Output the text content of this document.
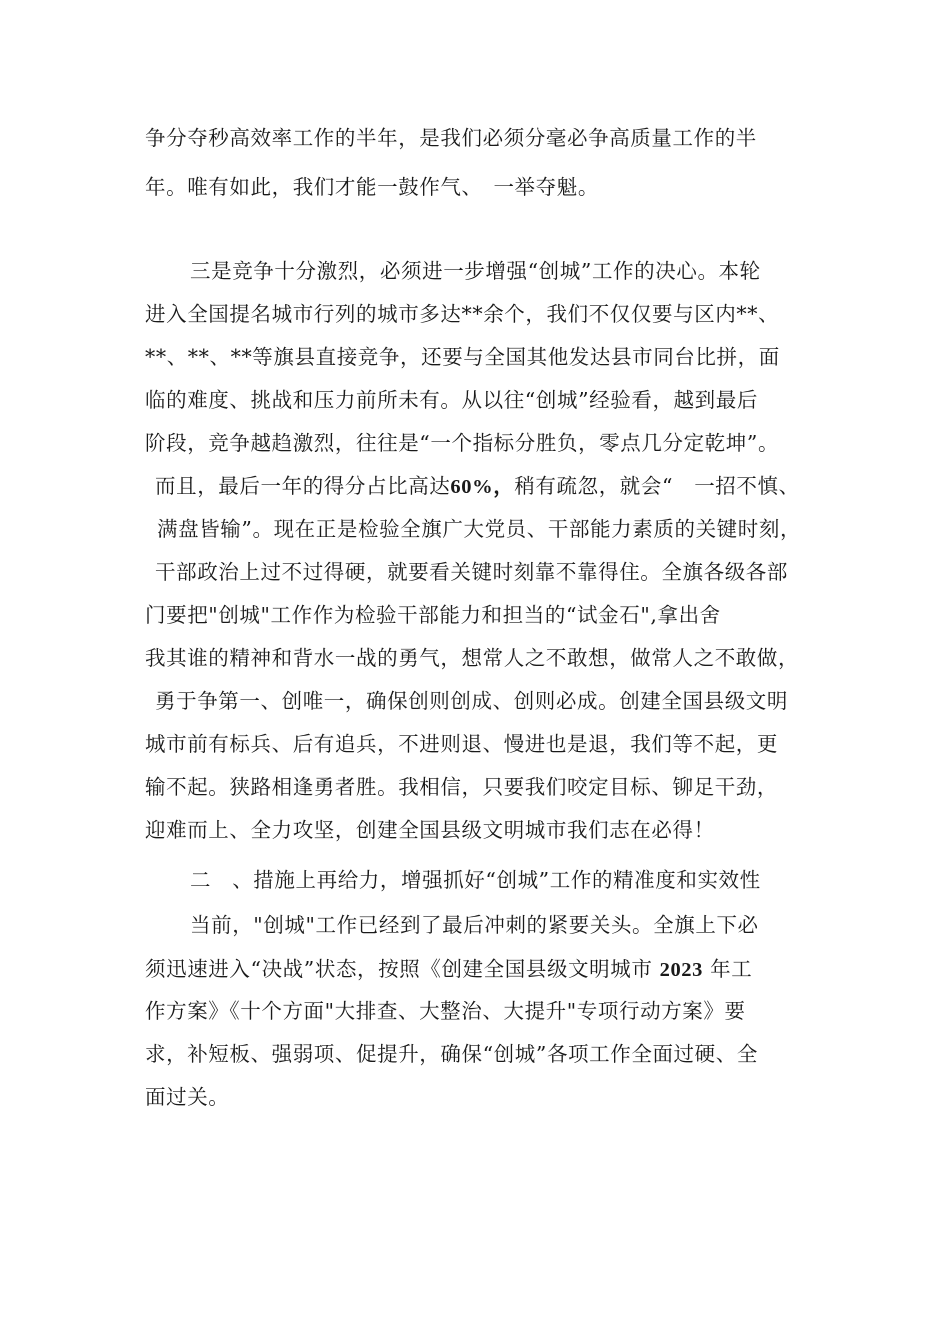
争分夺秒高效率工作的半年，是我们必须分毫必争高质量工作的半
年。唯有如此，我们才能一鼓作气、　一举夺魁。
三是竞争十分激烈，必须进一步增强“创城”工作的决心。本轮
进入全国提名城市行列的城市多达**余个，我们不仅仅要与区内**、
**、**、**等旗县直接竞争，还要与全国其他发达县市同台比拼，面
临的难度、挑战和压力前所未有。从以往“创城”经验看，越到最后
阶段，竞争越趋激烈，往往是“一个指标分胜负，零点几分定乾坤”。
而且，最后一年的得分占比高达60%，稍有疏忽，就会“　一招不慎、
满盘皆输”。现在正是检验全旗广大党员、干部能力素质的关键时刻，
干部政治上过不过得硬，就要看关键时刻靠不靠得住。全旗各级各部
门要把"创城"工作作为检验干部能力和担当的“试金石",拿出舍
我其谁的精神和背水一战的勇气，想常人之不敢想，做常人之不敢做，
勇于争第一、创唯一，确保创则创成、创则必成。创建全国县级文明
城市前有标兵、后有追兵，不进则退、慢进也是退，我们等不起，更
输不起。狭路相逢勇者胜。我相信，只要我们咬定目标、铆足干劲，
迎难而上、全力攻坚，创建全国县级文明城市我们志在必得！
二　、措施上再给力，增强抓好“创城”工作的精准度和实效性
当前，"创城"工作已经到了最后冲刺的紧要关头。全旗上下必
须迅速进入“决战”状态，按照《创建全国县级文明城市 2023 年工
作方案》《十个方面"大排查、大整治、大提升"专项行动方案》要
求，补短板、强弱项、促提升，确保“创城”各项工作全面过硬、全
面过关。
